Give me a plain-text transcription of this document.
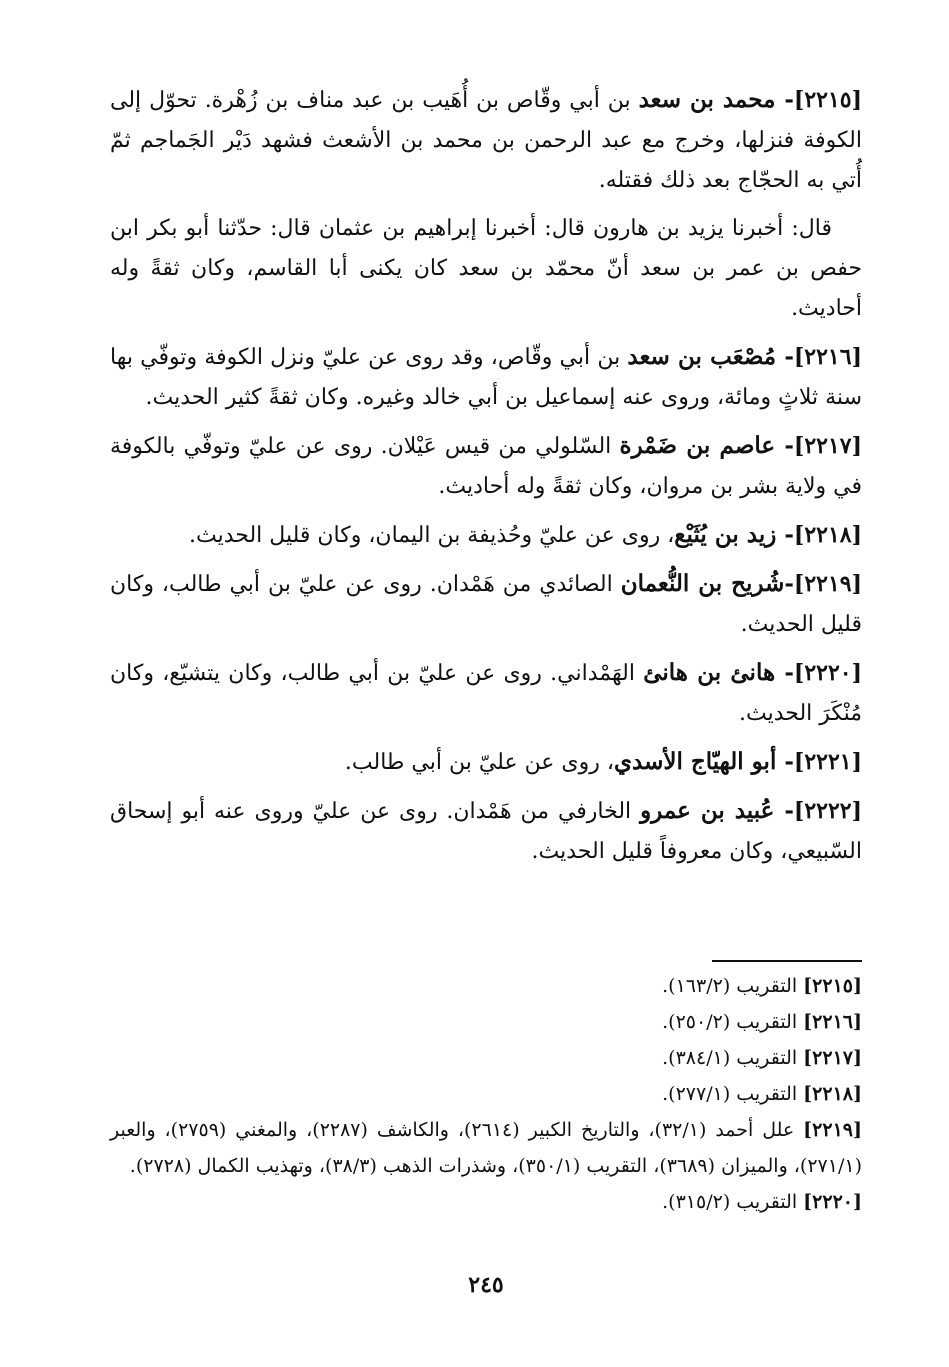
[٢٢١٥]- محمد بن سعد بن أبي وقّاص بن أُهَيب بن عبد مناف بن زُهْرة. تحوّل إلى الكوفة فنزلها، وخرج مع عبد الرحمن بن محمد بن الأشعث فشهد دَيْر الجَماجم ثمّ أُتي به الحجّاج بعد ذلك فقتله.

قال: أخبرنا يزيد بن هارون قال: أخبرنا إبراهيم بن عثمان قال: حدّثنا أبو بكر ابن حفص بن عمر بن سعد أنّ محمّد بن سعد كان يكنى أبا القاسم، وكان ثقةً وله أحاديث.

[٢٢١٦]- مُصْعَب بن سعد بن أبي وقّاص، وقد روى عن عليّ ونزل الكوفة وتوفّي بها سنة ثلاثٍ ومائة، وروى عنه إسماعيل بن أبي خالد وغيره. وكان ثقةً كثير الحديث.

[٢٢١٧]- عاصم بن ضَمْرة السّلولي من قيس عَيْلان. روى عن عليّ وتوفّي بالكوفة في ولاية بشر بن مروان، وكان ثقةً وله أحاديث.

[٢٢١٨]- زيد بن يُثَيْع، روى عن عليّ وحُذيفة بن اليمان، وكان قليل الحديث.

[٢٢١٩]-شُريح بن النُّعمان الصائدي من هَمْدان. روى عن عليّ بن أبي طالب، وكان قليل الحديث.

[٢٢٢٠]- هانئ بن هانئ الهَمْداني. روى عن عليّ بن أبي طالب، وكان يتشيّع، وكان مُنْكَرَ الحديث.

[٢٢٢١]- أبو الهيّاج الأسدي، روى عن عليّ بن أبي طالب.

[٢٢٢٢]- عُبيد بن عمرو الخارفي من هَمْدان. روى عن عليّ وروى عنه أبو إسحاق السّبيعي، وكان معروفاً قليل الحديث.

[٢٢١٥] التقريب (١٦٣/٢).

[٢٢١٦] التقريب (٢٥٠/٢).

[٢٢١٧] التقريب (٣٨٤/١).

[٢٢١٨] التقريب (٢٧٧/١).

[٢٢١٩] علل أحمد (٣٢/١)، والتاريخ الكبير (٢٦١٤)، والكاشف (٢٢٨٧)، والمغني (٢٧٥٩)، والعبر (٢٧١/١)، والميزان (٣٦٨٩)، التقريب (٣٥٠/١)، وشذرات الذهب (٣٨/٣)، وتهذيب الكمال (٢٧٢٨).

[٢٢٢٠] التقريب (٣١٥/٢).

٢٤٥
